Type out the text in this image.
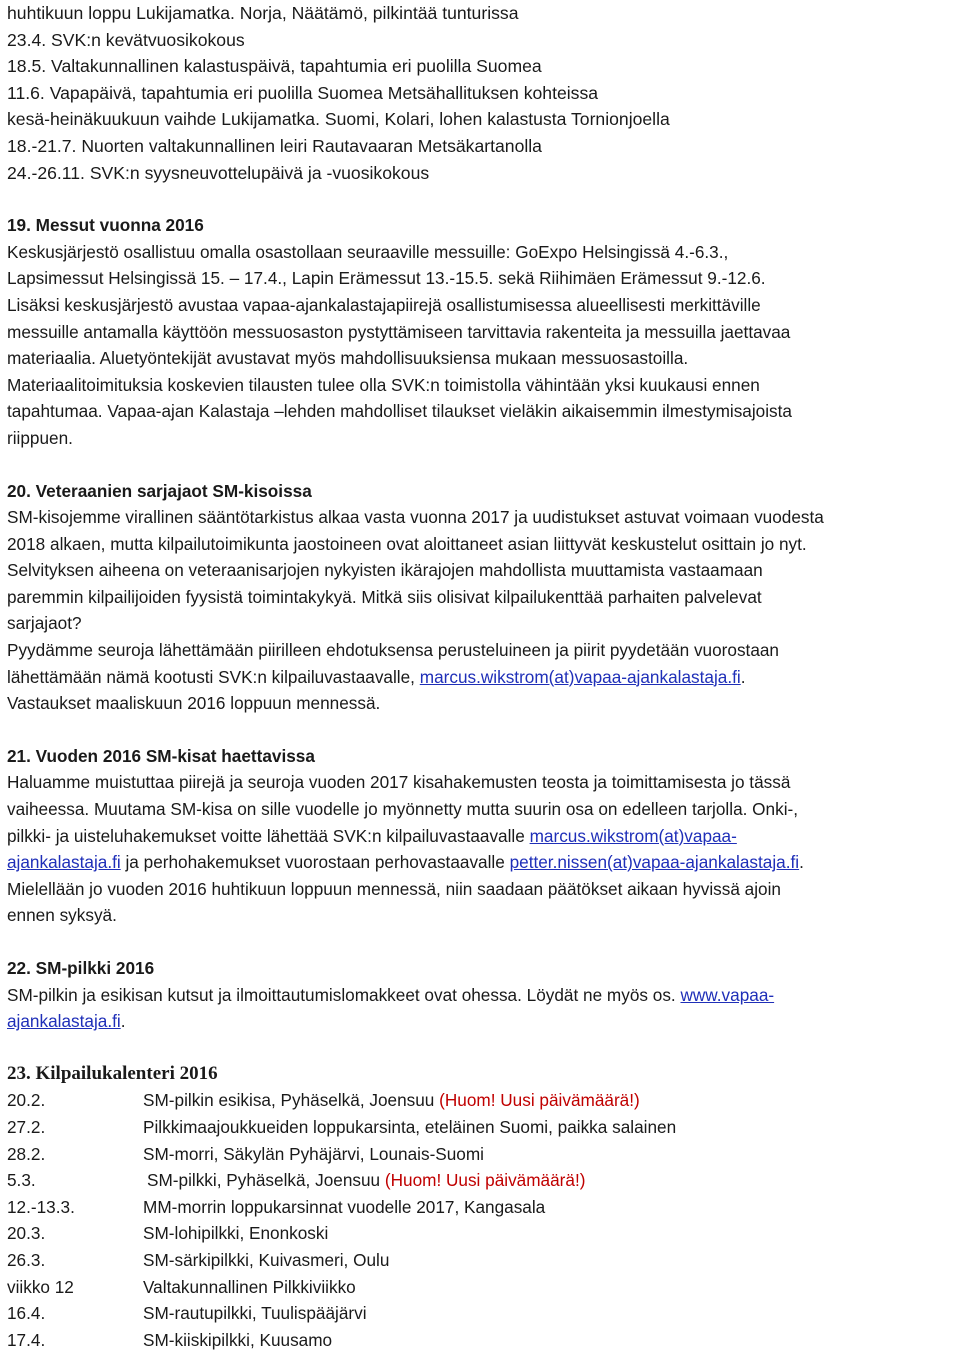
huhtikuun loppu Lukijamatka. Norja, Näätämö, pilkintää tunturissa
23.4. SVK:n kevätvuosikokous
18.5. Valtakunnallinen kalastuspäivä, tapahtumia eri puolilla Suomea
11.6. Vapapäivä, tapahtumia eri puolilla Suomea Metsähallituksen kohteissa
kesä-heinäkuukuun vaihde Lukijamatka. Suomi, Kolari, lohen kalastusta Tornionjoella
18.-21.7. Nuorten valtakunnallinen leiri Rautavaaran Metsäkartanolla
24.-26.11. SVK:n syysneuvottelupäivä ja -vuosikokous
19. Messut vuonna 2016
Keskusjärjestö osallistuu omalla osastollaan seuraaville messuille: GoExpo Helsingissä 4.-6.3.,
Lapsimessut Helsingissä 15. – 17.4., Lapin Erämessut 13.-15.5. sekä Riihimäen Erämessut 9.-12.6.
Lisäksi keskusjärjestö avustaa vapaa-ajankalastajapiirejä osallistumisessa alueellisesti merkittäville
messuille antamalla käyttöön messuosaston pystyttämiseen tarvittavia rakenteita ja messuilla jaettavaa
materiaalia. Aluetyöntekijät avustavat myös mahdollisuuksiensa mukaan messuosastoilla.
Materiaalitoimituksia koskevien tilausten tulee olla SVK:n toimistolla vähintään yksi kuukausi ennen
tapahtumaa. Vapaa-ajan Kalastaja –lehden mahdolliset tilaukset vieläkin aikaisemmin ilmestymisajoista
riippuen.
20. Veteraanien sarjajaot SM-kisoissa
SM-kisojemme virallinen sääntötarkistus alkaa vasta vuonna 2017 ja uudistukset astuvat voimaan vuodesta
2018 alkaen, mutta kilpailutoimikunta jaostoineen ovat aloittaneet asian liittyvät keskustelut osittain jo nyt.
Selvityksen aiheena on veteraanisarjojen nykyisten ikärajojen mahdollista muuttamista vastaamaan
paremmin kilpailijoiden fyysistä toimintakykyä. Mitkä siis olisivat kilpailukenttää parhaiten palvelevat
sarjajaot?
Pyydämme seuroja lähettämään piirilleen ehdotuksensa perusteluineen ja piirit pyydetään vuorostaan
lähettämään nämä kootusti SVK:n kilpailuvastaavalle, marcus.wikstrom(at)vapaa-ajankalastaja.fi.
Vastaukset maaliskuun 2016 loppuun mennessä.
21. Vuoden 2016 SM-kisat haettavissa
Haluamme muistuttaa piirejä ja seuroja vuoden 2017 kisahakemusten teosta ja toimittamisesta jo tässä
vaiheessa. Muutama SM-kisa on sille vuodelle jo myönnetty mutta suurin osa on edelleen tarjolla. Onki-,
pilkki- ja uisteluhakemukset voitte lähettää SVK:n kilpailuvastaavalle marcus.wikstrom(at)vapaa-
ajankalastaja.fi ja perhohakemukset vuorostaan perhovastaavalle petter.nissen(at)vapaa-ajankalastaja.fi.
Mielellään jo vuoden 2016 huhtikuun loppuun mennessä, niin saadaan päätökset aikaan hyvissä ajoin
ennen syksyä.
22. SM-pilkki 2016
SM-pilkin ja esikisan kutsut ja ilmoittautumislomakkeet ovat ohessa. Löydät ne myös os. www.vapaa-
ajankalastaja.fi.
23. Kilpailukalenteri 2016
20.2.	SM-pilkin esikisa, Pyhäselkä, Joensuu (Huom! Uusi päivämäärä!)
27.2.	Pilkkimaajoukkueiden loppukarsinta, eteläinen Suomi, paikka salainen
28.2.	SM-morri, Säkylän Pyhäjärvi, Lounais-Suomi
5.3.	SM-pilkki, Pyhäselkä, Joensuu (Huom! Uusi päivämäärä!)
12.-13.3.	MM-morrin loppukarsinnat vuodelle 2017, Kangasala
20.3.	SM-lohipilkki, Enonkoski
26.3.	SM-särkipilkki, Kuivasmeri, Oulu
viikko 12	Valtakunnallinen Pilkkiviikko
16.4.	SM-rautupilkki, Tuulispääjärvi
17.4.	SM-kiiskipilkki, Kuusamo
